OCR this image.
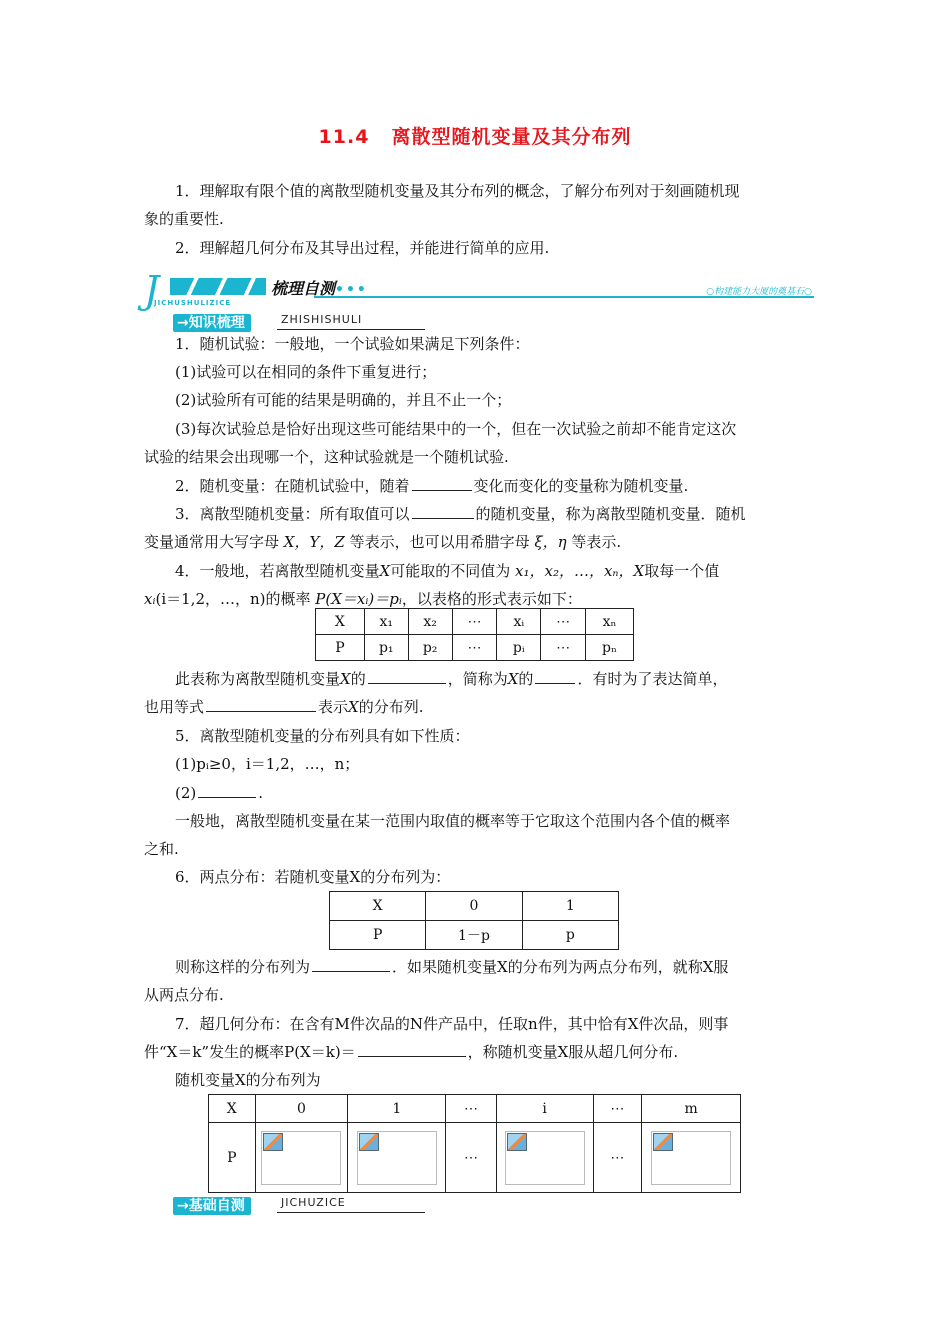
11.4 离散型随机变量及其分布列
1．理解取有限个值的离散型随机变量及其分布列的概念，了解分布列对于刻画随机现
象的重要性.
2．理解超几何分布及其导出过程，并能进行简单的应用.
J	梳理自测•••
JICHUSHULIZICE
○构建能力大厦的奠基石○
→知识梳理	ZHISHISHULI
1．随机试验：一般地，一个试验如果满足下列条件：
(1)试验可以在相同的条件下重复进行；
(2)试验所有可能的结果是明确的，并且不止一个；
(3)每次试验总是恰好出现这些可能结果中的一个，但在一次试验之前却不能肯定这次
试验的结果会出现哪一个，这种试验就是一个随机试验.
2．随机变量：在随机试验中，随着	变化而变化的变量称为随机变量.
3．离散型随机变量：所有取值可以	的随机变量，称为离散型随机变量．随机
变量通常用大写字母 X，Y，Z 等表示，也可以用希腊字母 ξ，η 等表示.
4．一般地，若离散型随机变量X可能取的不同值为 x₁，x₂，…，xₙ，X取每一个值
xᵢ(i＝1,2，…，n)的概率 P(X＝xᵢ)＝pᵢ，以表格的形式表示如下：
X	x₁	x₂	⋯	xᵢ	⋯	xₙ
P	p₁	p₂	⋯	pᵢ	⋯	pₙ
此表称为离散型随机变量X的	，简称为X的	．有时为了表达简单，
也用等式	表示X的分布列.
5．离散型随机变量的分布列具有如下性质：
(1)pᵢ≥0，i＝1,2，…，n；
(2)	.
一般地，离散型随机变量在某一范围内取值的概率等于它取这个范围内各个值的概率
之和.
6．两点分布：若随机变量X的分布列为：
X	0	1
P	1－p	p
则称这样的分布列为	．如果随机变量X的分布列为两点分布列，就称X服
从两点分布.
7．超几何分布：在含有M件次品的N件产品中，任取n件，其中恰有X件次品，则事
件“X＝k”发生的概率P(X＝k)＝	，称随机变量X服从超几何分布.
随机变量X的分布列为
X	0	1	⋯	i	⋯	m
P			⋯		⋯	
→基础自测	JICHUZICE
